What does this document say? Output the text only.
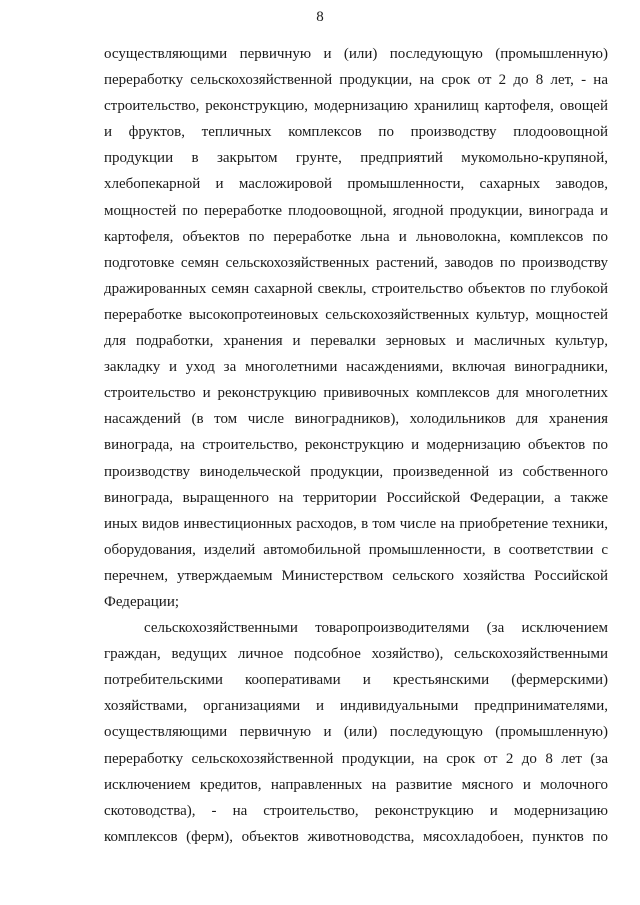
8
осуществляющими первичную и (или) последующую (промышленную)
переработку сельскохозяйственной продукции, на срок от 2 до 8 лет, - на
строительство, реконструкцию, модернизацию хранилищ картофеля, овощей
и фруктов, тепличных комплексов по производству плодоовощной
продукции в закрытом грунте, предприятий мукомольно-крупяной,
хлебопекарной и масложировой промышленности, сахарных заводов,
мощностей по переработке плодоовощной, ягодной продукции, винограда и
картофеля, объектов по переработке льна и льноволокна, комплексов по
подготовке семян сельскохозяйственных растений, заводов по производству
дражированных семян сахарной свеклы, строительство объектов по глубокой
переработке высокопротеиновых сельскохозяйственных культур, мощностей
для подработки, хранения и перевалки зерновых и масличных культур,
закладку и уход за многолетними насаждениями, включая виноградники,
строительство и реконструкцию прививочных комплексов для многолетних
насаждений (в том числе виноградников), холодильников для хранения
винограда, на строительство, реконструкцию и модернизацию объектов по
производству винодельческой продукции, произведенной из собственного
винограда, выращенного на территории Российской Федерации, а также
иных видов инвестиционных расходов, в том числе на приобретение техники,
оборудования, изделий автомобильной промышленности, в соответствии с
перечнем, утверждаемым Министерством сельского хозяйства Российской
Федерации;
сельскохозяйственными товаропроизводителями (за исключением
граждан, ведущих личное подсобное хозяйство), сельскохозяйственными
потребительскими кооперативами и крестьянскими (фермерскими)
хозяйствами, организациями и индивидуальными предпринимателями,
осуществляющими первичную и (или) последующую (промышленную)
переработку сельскохозяйственной продукции, на срок от 2 до 8 лет (за
исключением кредитов, направленных на развитие мясного и молочного
скотоводства), - на строительство, реконструкцию и модернизацию
комплексов (ферм), объектов животноводства, мясохладобоен, пунктов по
